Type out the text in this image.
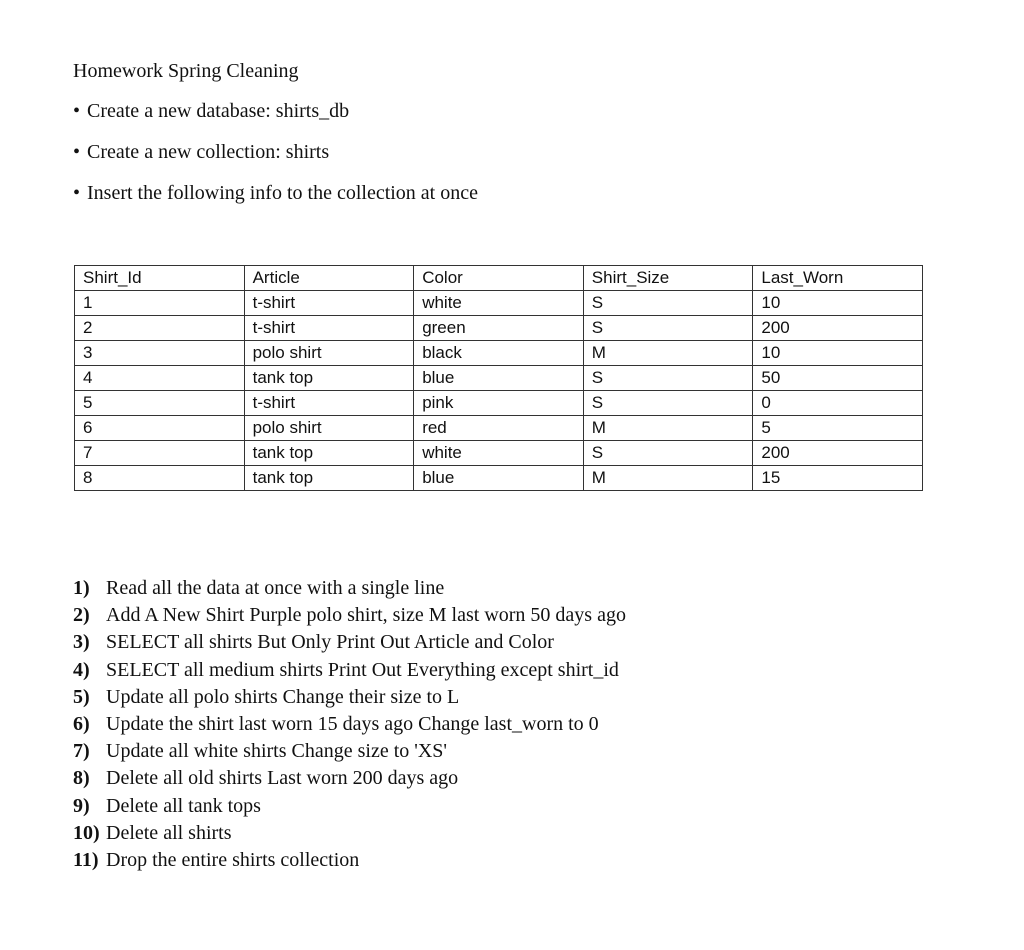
Homework Spring Cleaning
• Create a new database: shirts_db
• Create a new collection: shirts
• Insert the following info to the collection at once
Shirt_Id	Article	Color	Shirt_Size	Last_Worn
1	t-shirt	white	S	10
2	t-shirt	green	S	200
3	polo shirt	black	M	10
4	tank top	blue	S	50
5	t-shirt	pink	S	0
6	polo shirt	red	M	5
7	tank top	white	S	200
8	tank top	blue	M	15
1) Read all the data at once with a single line
2) Add A New Shirt Purple polo shirt, size M last worn 50 days ago
3) SELECT all shirts But Only Print Out Article and Color
4) SELECT all medium shirts Print Out Everything except shirt_id
5) Update all polo shirts Change their size to L
6) Update the shirt last worn 15 days ago Change last_worn to 0
7) Update all white shirts Change size to 'XS'
8) Delete all old shirts Last worn 200 days ago
9) Delete all tank tops
10) Delete all shirts
11) Drop the entire shirts collection
